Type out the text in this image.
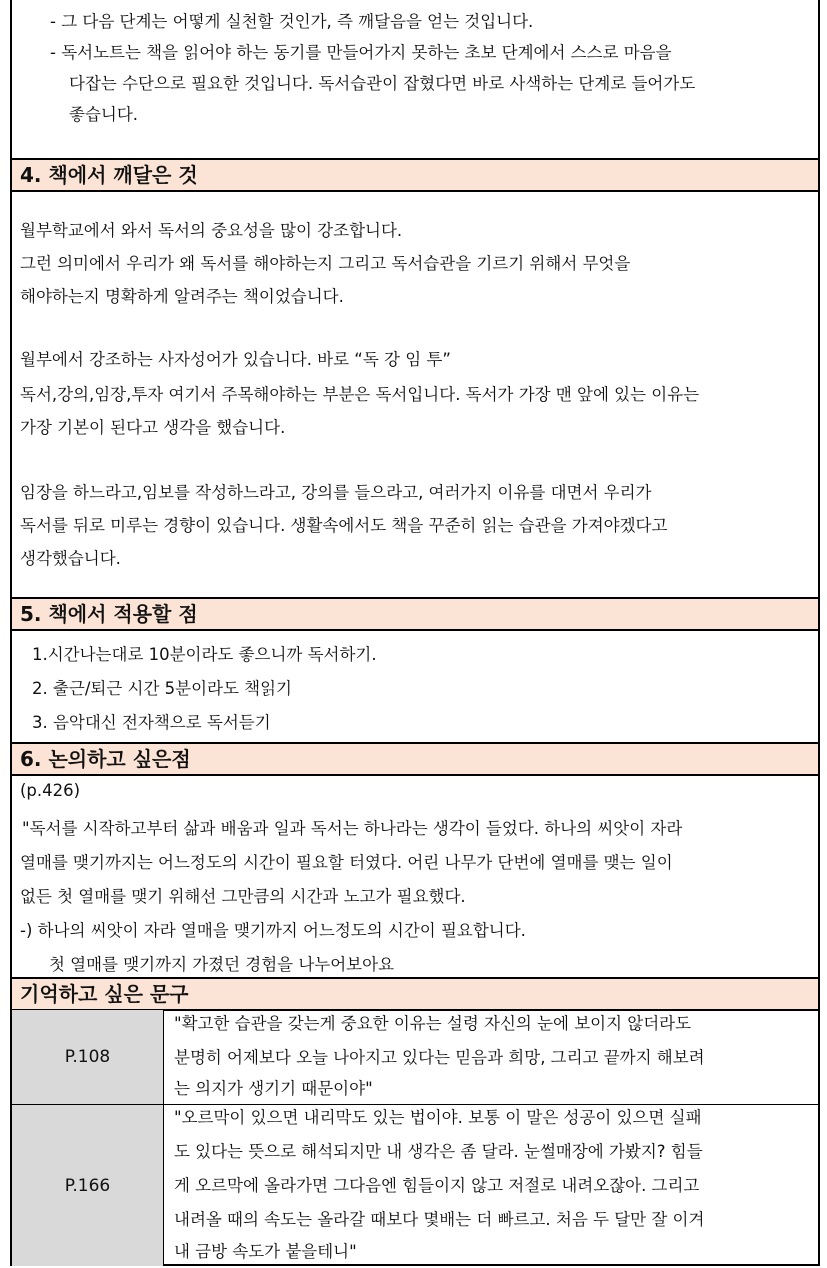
- 그 다음 단계는 어떻게 실천할 것인가, 즉 깨달음을 얻는 것입니다.
- 독서노트는 책을 읽어야 하는 동기를 만들어가지 못하는 초보 단계에서 스스로 마음을
다잡는 수단으로 필요한 것입니다. 독서습관이 잡혔다면 바로 사색하는 단계로 들어가도
좋습니다.
4. 책에서 깨달은 것
월부학교에서 와서 독서의 중요성을 많이 강조합니다.
그런 의미에서 우리가 왜 독서를 해야하는지 그리고 독서습관을 기르기 위해서 무엇을
해야하는지 명확하게 알려주는 책이었습니다.
월부에서 강조하는 사자성어가 있습니다. 바로 “독 강 임 투”
독서,강의,임장,투자 여기서 주목해야하는 부분은 독서입니다. 독서가 가장 맨 앞에 있는 이유는
가장 기본이 된다고 생각을 했습니다.
임장을 하느라고,임보를 작성하느라고, 강의를 들으라고, 여러가지 이유를 대면서 우리가
독서를 뒤로 미루는 경향이 있습니다. 생활속에서도 책을 꾸준히 읽는 습관을 가져야겠다고
생각했습니다.
5. 책에서 적용할 점
1.시간나는대로 10분이라도 좋으니까 독서하기.
2. 출근/퇴근 시간 5분이라도 책읽기
3. 음악대신 전자책으로 독서듣기
6. 논의하고 싶은점
(p.426)
"독서를 시작하고부터 삶과 배움과 일과 독서는 하나라는 생각이 들었다. 하나의 씨앗이 자라
열매를 맺기까지는 어느정도의 시간이 필요할 터였다. 어린 나무가 단번에 열매를 맺는 일이
없든 첫 열매를 맺기 위해선 그만큼의 시간과 노고가 필요했다.
-) 하나의 씨앗이 자라 열매을 맺기까지 어느정도의 시간이 필요합니다.
첫 열매를 맺기까지 가졌던 경험을 나누어보아요
기억하고 싶은 문구
P.108
"확고한 습관을 갖는게 중요한 이유는 설령 자신의 눈에 보이지 않더라도
분명히 어제보다 오늘 나아지고 있다는 믿음과 희망, 그리고 끝까지 해보려
는 의지가 생기기 때문이야"
P.166
"오르막이 있으면 내리막도 있는 법이야. 보통 이 말은 성공이 있으면 실패
도 있다는 뜻으로 해석되지만 내 생각은 좀 달라. 눈썰매장에 가봤지? 힘들
게 오르막에 올라가면 그다음엔 힘들이지 않고 저절로 내려오잖아. 그리고
내려올 때의 속도는 올라갈 때보다 몇배는 더 빠르고. 처음 두 달만 잘 이겨
내 금방 속도가 붙을테니"
